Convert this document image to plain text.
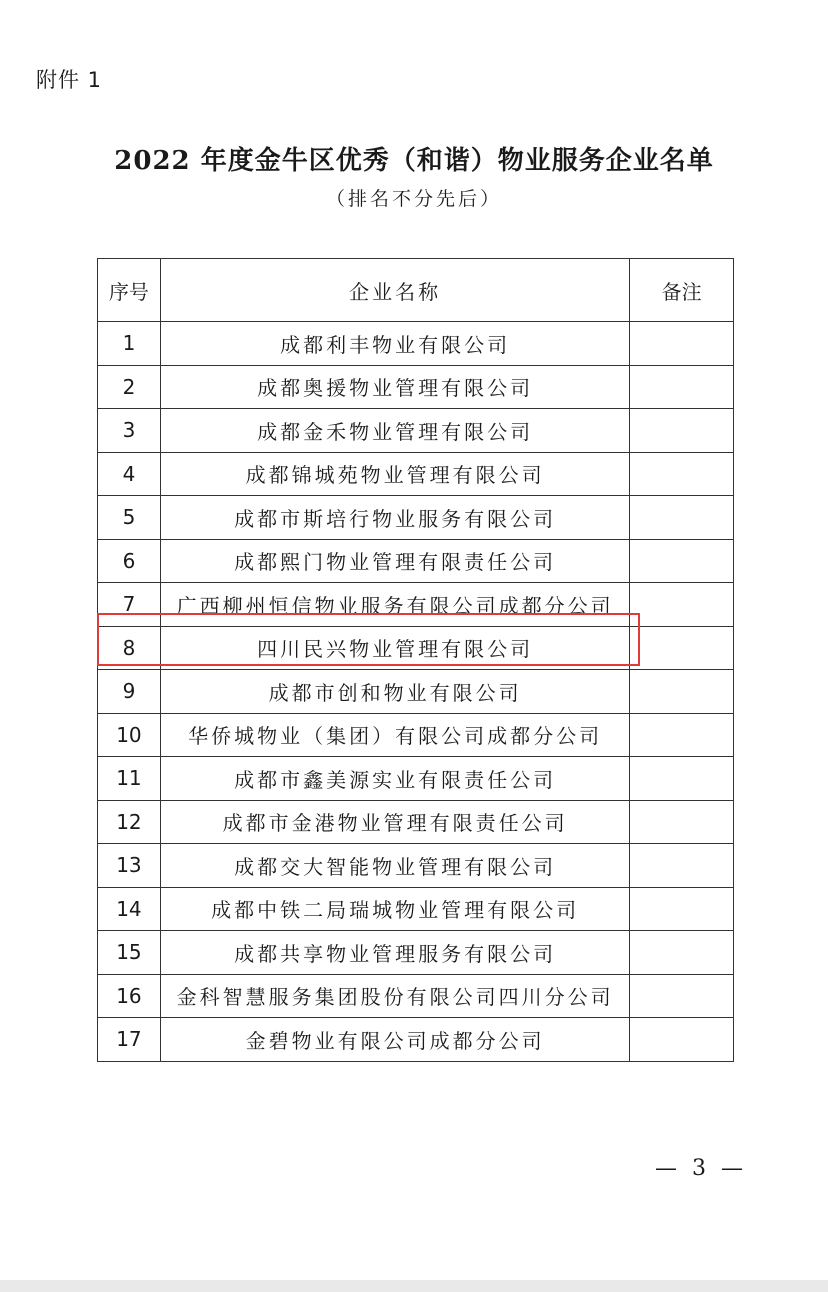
附件 1
2022 年度金牛区优秀（和谐）物业服务企业名单
（排名不分先后）
序号	企业名称	备注
1	成都利丰物业有限公司	
2	成都奥援物业管理有限公司	
3	成都金禾物业管理有限公司	
4	成都锦城苑物业管理有限公司	
5	成都市斯培行物业服务有限公司	
6	成都熙门物业管理有限责任公司	
7	广西柳州恒信物业服务有限公司成都分公司	
8	四川民兴物业管理有限公司	
9	成都市创和物业有限公司	
10	华侨城物业（集团）有限公司成都分公司	
11	成都市鑫美源实业有限责任公司	
12	成都市金港物业管理有限责任公司	
13	成都交大智能物业管理有限公司	
14	成都中铁二局瑞城物业管理有限公司	
15	成都共享物业管理服务有限公司	
16	金科智慧服务集团股份有限公司四川分公司	
17	金碧物业有限公司成都分公司	
— 3 —
